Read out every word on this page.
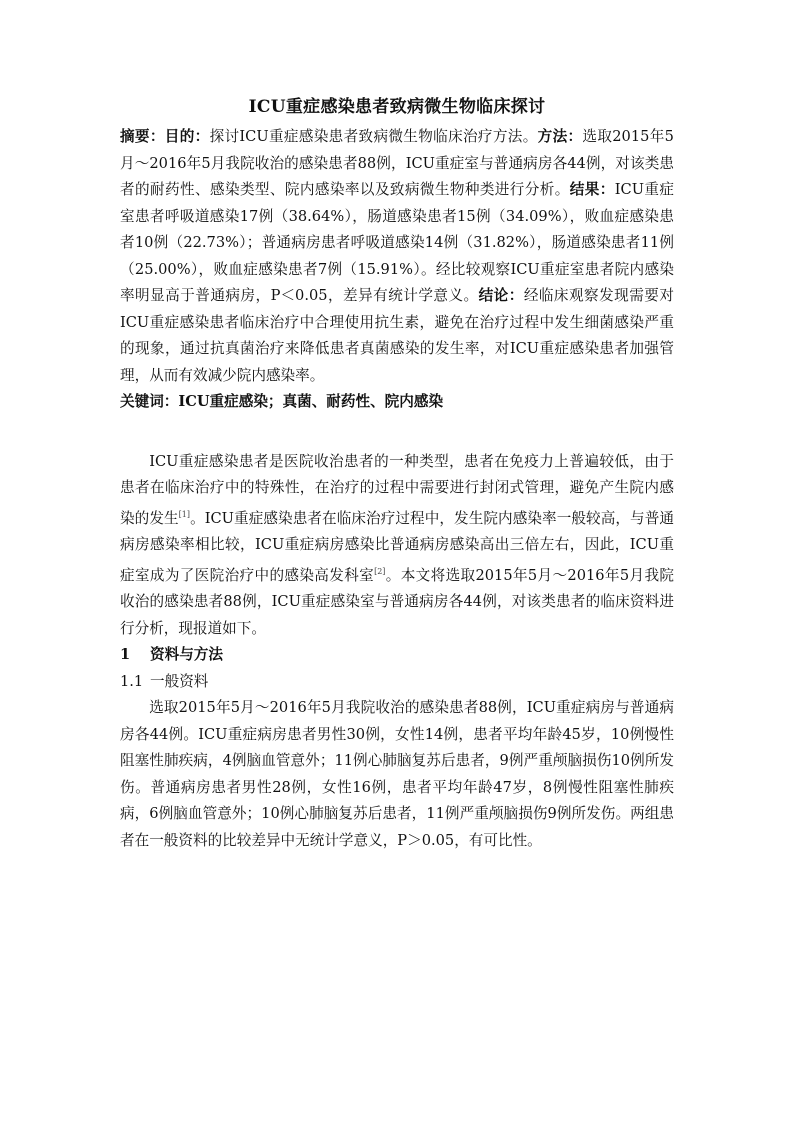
ICU重症感染患者致病微生物临床探讨

摘要：目的：探讨ICU重症感染患者致病微生物临床治疗方法。方法：选取2015年5月～2016年5月我院收治的感染患者88例，ICU重症室与普通病房各44例，对该类患者的耐药性、感染类型、院内感染率以及致病微生物种类进行分析。结果：ICU重症室患者呼吸道感染17例（38.64%），肠道感染患者15例（34.09%），败血症感染患者10例（22.73%）；普通病房患者呼吸道感染14例（31.82%），肠道感染患者11例（25.00%），败血症感染患者7例（15.91%）。经比较观察ICU重症室患者院内感染率明显高于普通病房，P＜0.05，差异有统计学意义。结论：经临床观察发现需要对ICU重症感染患者临床治疗中合理使用抗生素，避免在治疗过程中发生细菌感染严重的现象，通过抗真菌治疗来降低患者真菌感染的发生率，对ICU重症感染患者加强管理，从而有效减少院内感染率。

关键词：ICU重症感染；真菌、耐药性、院内感染

ICU重症感染患者是医院收治患者的一种类型，患者在免疫力上普遍较低，由于患者在临床治疗中的特殊性，在治疗的过程中需要进行封闭式管理，避免产生院内感染的发生[1]。ICU重症感染患者在临床治疗过程中，发生院内感染率一般较高，与普通病房感染率相比较，ICU重症病房感染比普通病房感染高出三倍左右，因此，ICU重症室成为了医院治疗中的感染高发科室[2]。本文将选取2015年5月～2016年5月我院收治的感染患者88例，ICU重症感染室与普通病房各44例，对该类患者的临床资料进行分析，现报道如下。

1 资料与方法

1.1 一般资料

选取2015年5月～2016年5月我院收治的感染患者88例，ICU重症病房与普通病房各44例。ICU重症病房患者男性30例，女性14例，患者平均年龄45岁，10例慢性阻塞性肺疾病，4例脑血管意外；11例心肺脑复苏后患者，9例严重颅脑损伤10例所发伤。普通病房患者男性28例，女性16例，患者平均年龄47岁，8例慢性阻塞性肺疾病，6例脑血管意外；10例心肺脑复苏后患者，11例严重颅脑损伤9例所发伤。两组患者在一般资料的比较差异中无统计学意义，P＞0.05，有可比性。
